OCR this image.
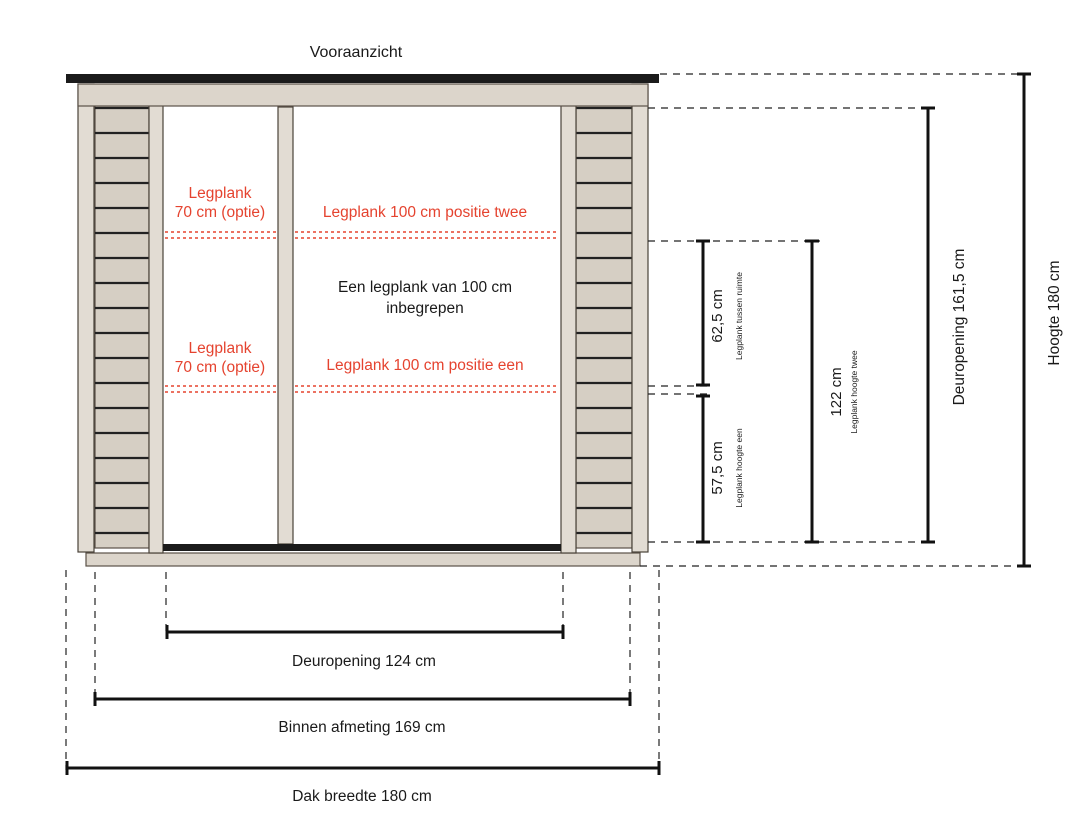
Vooraanzicht
Legplank
70 cm (optie)	Legplank 100 cm positie twee
Legplank
70 cm (optie)	Legplank 100 cm positie een
Een legplank van 100 cm
inbegrepen	62,5 cm Legplank tussen ruimte
57,5 cm Legplank hoogte een
122 cm Legplank hoogte twee	Deuropening 161,5 cm	Hoogte 180 cm
Deuropening 124 cm
Binnen afmeting 169 cm
Dak breedte 180 cm
